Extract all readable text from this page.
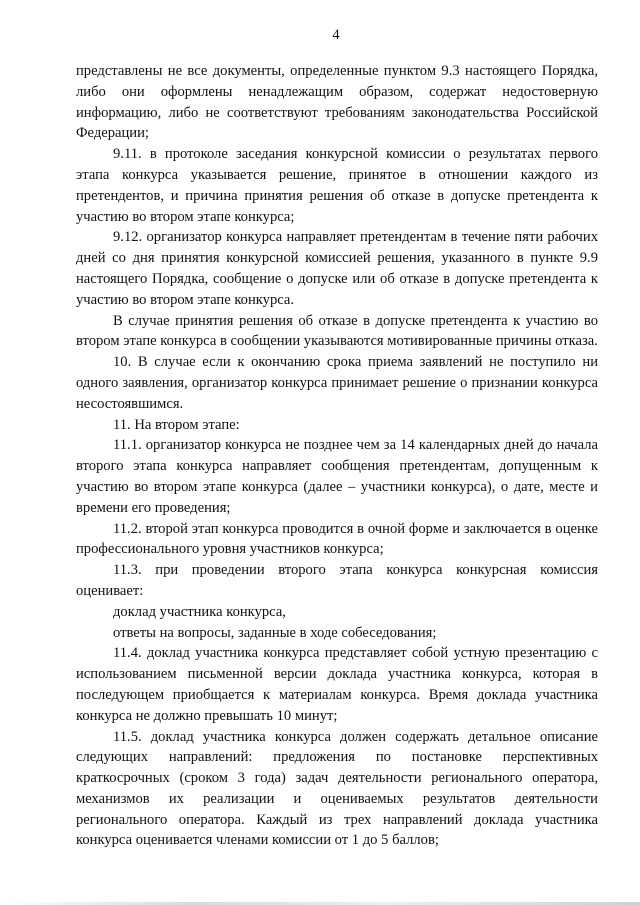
4

представлены не все документы, определенные пунктом 9.3 настоящего Порядка, либо они оформлены ненадлежащим образом, содержат недостоверную информацию, либо не соответствуют требованиям законодательства Российской Федерации;

9.11. в протоколе заседания конкурсной комиссии о результатах первого этапа конкурса указывается решение, принятое в отношении каждого из претендентов, и причина принятия решения об отказе в допуске претендента к участию во втором этапе конкурса;

9.12. организатор конкурса направляет претендентам в течение пяти рабочих дней со дня принятия конкурсной комиссией решения, указанного в пункте 9.9 настоящего Порядка, сообщение о допуске или об отказе в допуске претендента к участию во втором этапе конкурса.

В случае принятия решения об отказе в допуске претендента к участию во втором этапе конкурса в сообщении указываются мотивированные причины отказа.

10. В случае если к окончанию срока приема заявлений не поступило ни одного заявления, организатор конкурса принимает решение о признании конкурса несостоявшимся.

11. На втором этапе:

11.1. организатор конкурса не позднее чем за 14 календарных дней до начала второго этапа конкурса направляет сообщения претендентам, допущенным к участию во втором этапе конкурса (далее – участники конкурса), о дате, месте и времени его проведения;

11.2. второй этап конкурса проводится в очной форме и заключается в оценке профессионального уровня участников конкурса;

11.3. при проведении второго этапа конкурса конкурсная комиссия оценивает:

доклад участника конкурса,

ответы на вопросы, заданные в ходе собеседования;

11.4. доклад участника конкурса представляет собой устную презентацию с использованием письменной версии доклада участника конкурса, которая в последующем приобщается к материалам конкурса. Время доклада участника конкурса не должно превышать 10 минут;

11.5. доклад участника конкурса должен содержать детальное описание следующих направлений: предложения по постановке перспективных краткосрочных (сроком 3 года) задач деятельности регионального оператора, механизмов их реализации и оцениваемых результатов деятельности регионального оператора. Каждый из трех направлений доклада участника конкурса оценивается членами комиссии от 1 до 5 баллов;
